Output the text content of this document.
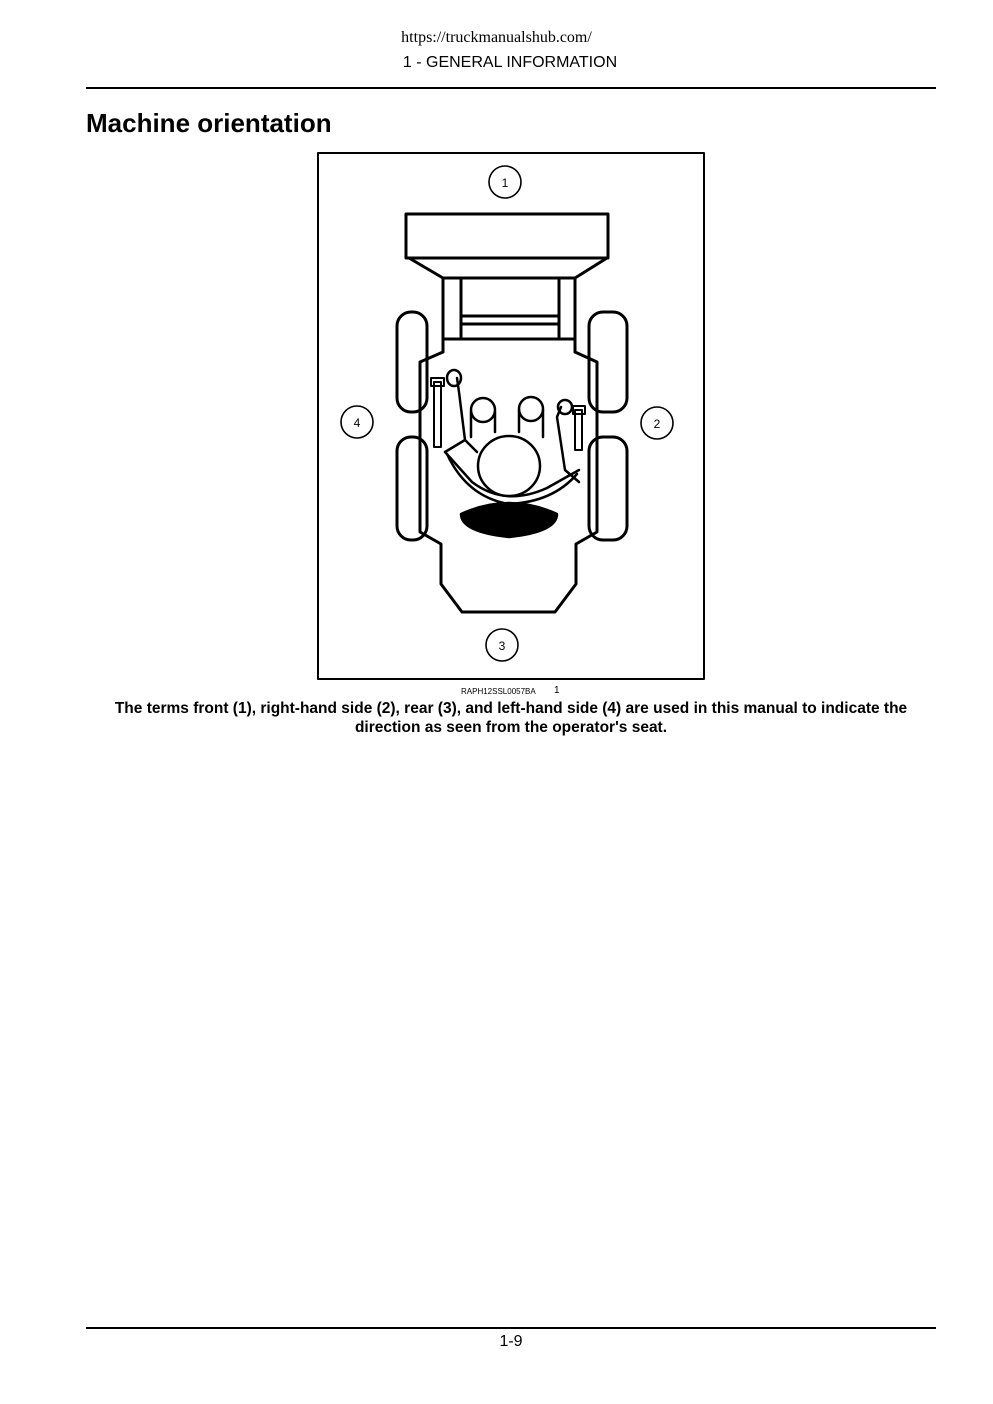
https://truckmanualshub.com/
1 - GENERAL INFORMATION
Machine orientation
1
2
3
4
RAPH12SSL0057BA 1
The terms front (1), right-hand side (2), rear (3), and left-hand side (4) are used in this manual to indicate the direction as seen from the operator's seat.
1-9
